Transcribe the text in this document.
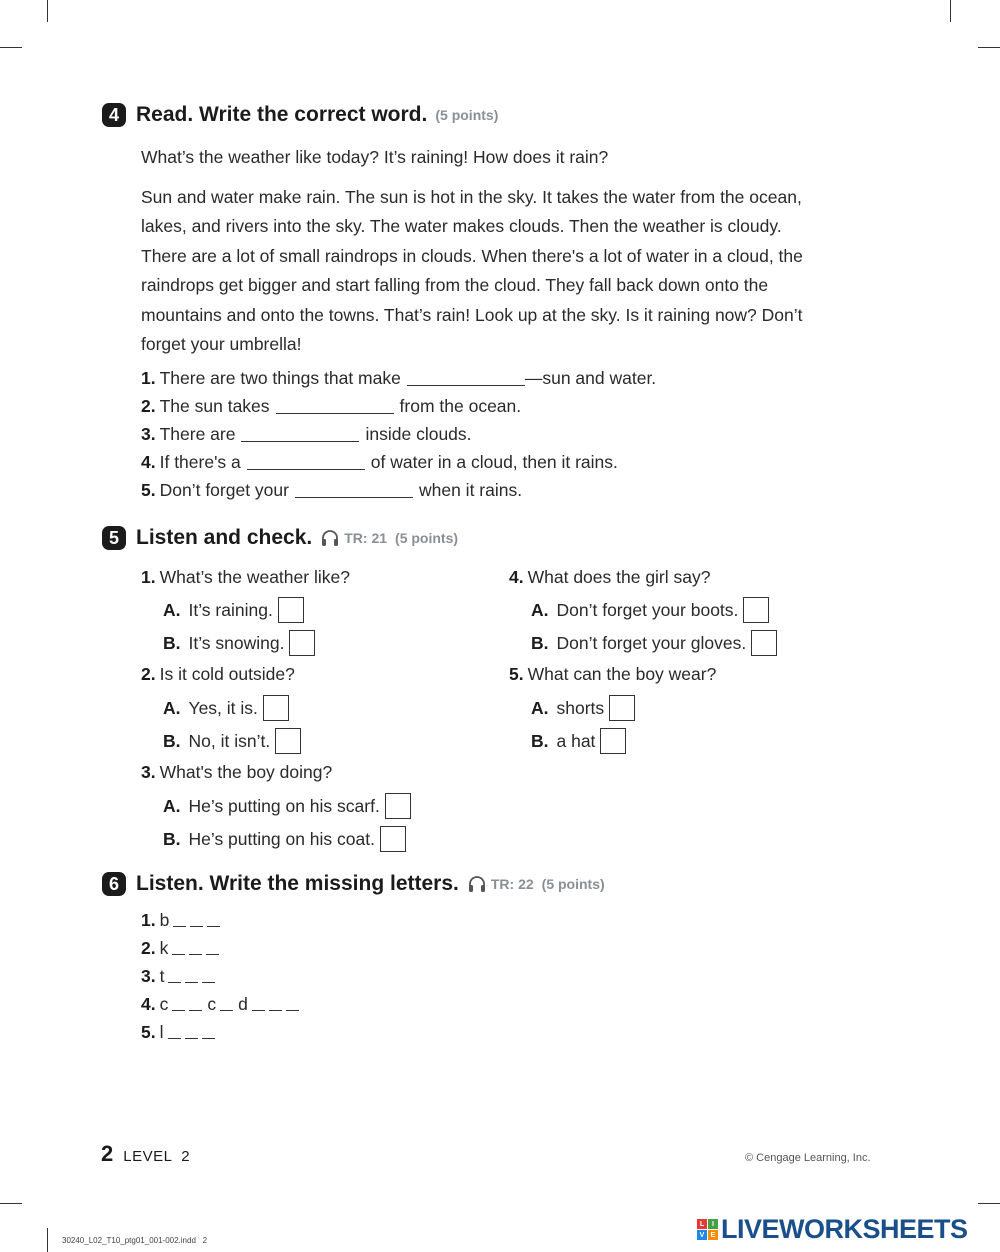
4 Read. Write the correct word. (5 points)
What’s the weather like today? It’s raining! How does it rain?
Sun and water make rain. The sun is hot in the sky. It takes the water from the ocean,
lakes, and rivers into the sky. The water makes clouds. Then the weather is cloudy.
There are a lot of small raindrops in clouds. When there's a lot of water in a cloud, the
raindrops get bigger and start falling from the cloud. They fall back down onto the
mountains and onto the towns. That’s rain! Look up at the sky. Is it raining now? Don’t
forget your umbrella!
1. There are two things that make	—sun and water.
2. The sun takes	from the ocean.
3. There are	inside clouds.
4. If there's a	of water in a cloud, then it rains.
5. Don’t forget your	when it rains.
5 Listen and check. TR: 21 (5 points)
1. What’s the weather like?
A. It’s raining.
B. It’s snowing.
2. Is it cold outside?
A. Yes, it is.
B. No, it isn’t.
3. What's the boy doing?
A. He’s putting on his scarf.
B. He’s putting on his coat.
4. What does the girl say?
A. Don’t forget your boots.
B. Don’t forget your gloves.
5. What can the boy wear?
A. shorts
B. a hat
6 Listen. Write the missing letters. TR: 22 (5 points)
1. b
2. k
3. t
4. c c d
5. l
2 LEVEL  2	© Cengage Learning, Inc.
30240_L02_T10_ptg01_001-002.indd   2
L	I
V E LIVEWORKSHEETS
